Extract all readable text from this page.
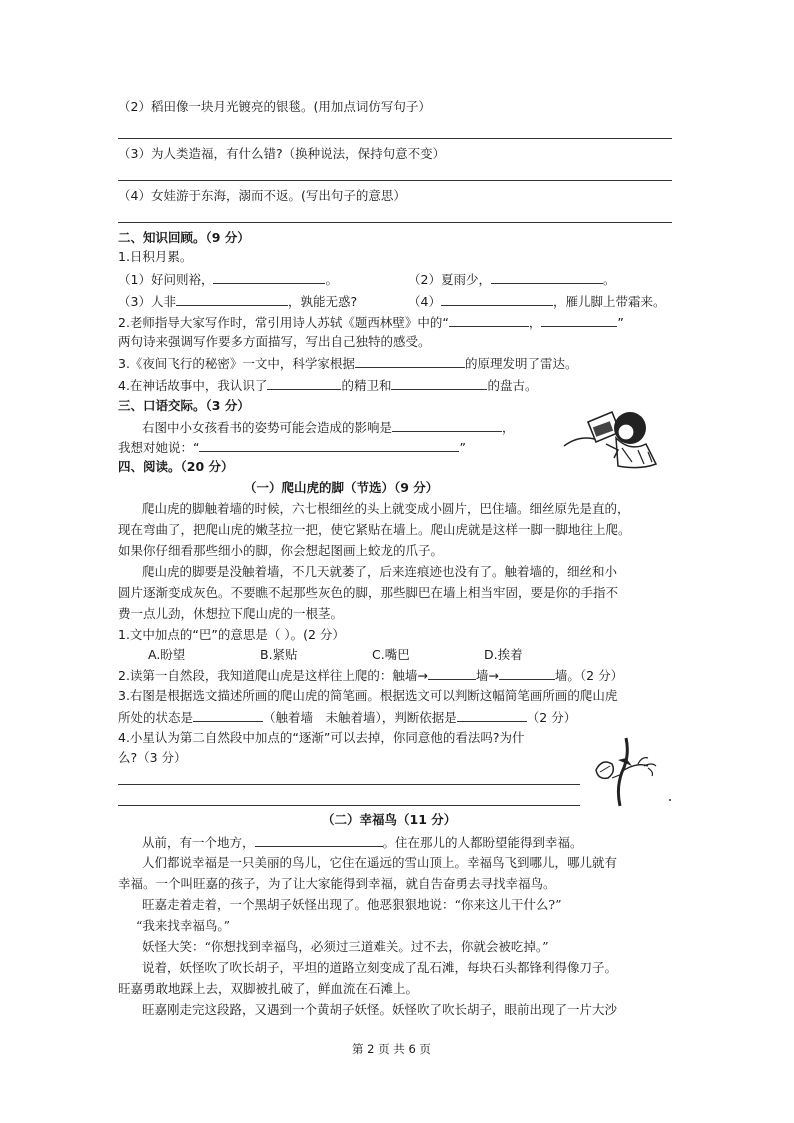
（2）稻田像一块月光镀亮的银毯。(用加点词仿写句子）
（3）为人类造福，有什么错?（换种说法，保持句意不变）
（4）女娃游于东海，溺而不返。(写出句子的意思）
二、知识回顾。（9 分）
1.日积月累。
（1）好问则裕，	。	（2）夏雨少，	。
（3）人非	，孰能无惑?	（4）	，雁儿脚上带霜来。
2.老师指导大家写作时，常引用诗人苏轼《题西林壁》中的“	，	”
两句诗来强调写作要多方面描写，写出自己独特的感受。
3.《夜间飞行的秘密》一文中，科学家根据	的原理发明了雷达。
4.在神话故事中，我认识了	的精卫和	的盘古。
三、口语交际。（3 分）
右图中小女孩看书的姿势可能会造成的影响是	，
我想对她说：“	”
四、阅读。（20 分）
（一）爬山虎的脚（节选）（9 分）
爬山虎的脚触着墙的时候，六七根细丝的头上就变成小圆片，巴住墙。细丝原先是直的，
现在弯曲了，把爬山虎的嫩茎拉一把，使它紧贴在墙上。爬山虎就是这样一脚一脚地往上爬。
如果你仔细看那些细小的脚，你会想起图画上蛟龙的爪子。
爬山虎的脚要是没触着墙，不几天就萎了，后来连痕迹也没有了。触着墙的，细丝和小
圆片逐渐变成灰色。不要瞧不起那些灰色的脚，那些脚巴在墙上相当牢固，要是你的手指不
费一点儿劲，休想拉下爬山虎的一根茎。
1.文中加点的“巴”的意思是（ ）。(2 分）
A.盼望	B.紧贴	C.嘴巴	D.挨着
2.读第一自然段，我知道爬山虎是这样往上爬的：触墙→	墙→	墙。（2 分）
3.右图是根据选文描述所画的爬山虎的简笔画。根据选文可以判断这幅简笔画所画的爬山虎
所处的状态是	（触着墙　未触着墙），判断依据是	（2 分）
4.小星认为第二自然段中加点的“逐渐”可以去掉，你同意他的看法吗?为什
么?（3 分）
（二）幸福鸟（11 分）
从前，有一个地方，	。住在那儿的人都盼望能得到幸福。
人们都说幸福是一只美丽的鸟儿，它住在遥远的雪山顶上。幸福鸟飞到哪儿，哪儿就有
幸福。一个叫旺嘉的孩子，为了让大家能得到幸福，就自告奋勇去寻找幸福鸟。
旺嘉走着走着，一个黑胡子妖怪出现了。他恶狠狠地说：“你来这儿干什么?”
“我来找幸福鸟。”
妖怪大笑：“你想找到幸福鸟，必须过三道难关。过不去，你就会被吃掉。”
说着，妖怪吹了吹长胡子，平坦的道路立刻变成了乱石滩，每块石头都锋利得像刀子。
旺嘉勇敢地踩上去，双脚被扎破了，鲜血流在石滩上。
旺嘉刚走完这段路，又遇到一个黄胡子妖怪。妖怪吹了吹长胡子，眼前出现了一片大沙
第 2 页 共 6 页
